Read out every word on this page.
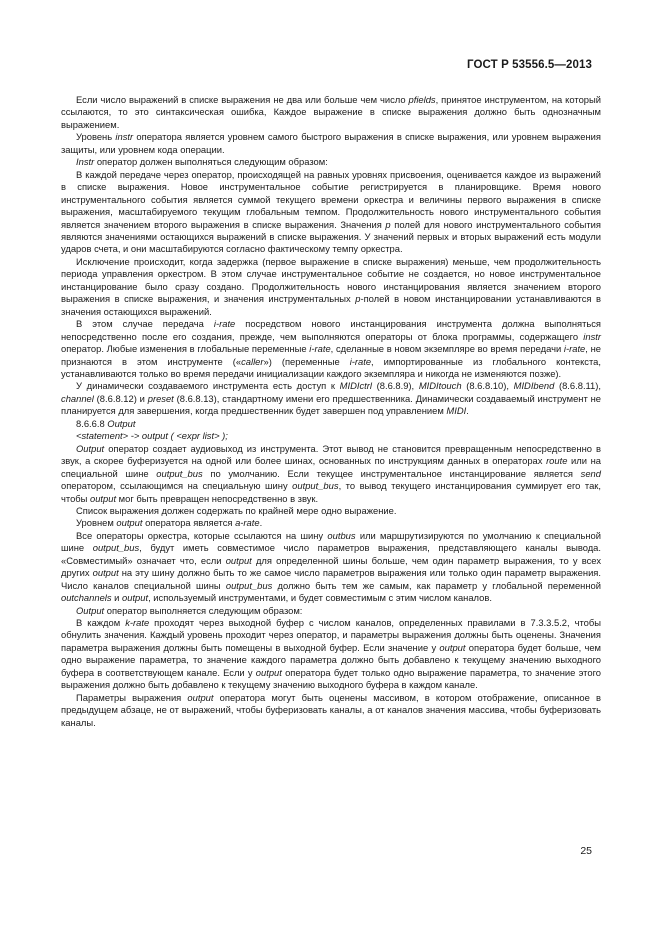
ГОСТ Р 53556.5—2013

Если число выражений в списке выражения не два или больше чем число pfields, принятое инструментом, на который ссылаются, то это синтаксическая ошибка, Каждое выражение в списке выражения должно быть однозначным выражением.

Уровень instr оператора является уровнем самого быстрого выражения в списке выражения, или уровнем выражения защиты, или уровнем кода операции.

Instr оператор должен выполняться следующим образом:

В каждой передаче через оператор, происходящей на равных уровнях присвоения, оценивается каждое из выражений в списке выражения. Новое инструментальное событие регистрируется в планировщике. Время нового инструментального события является суммой текущего времени оркестра и величины первого выражения в списке выражения, масштабируемого текущим глобальным темпом. Продолжительность нового инструментального события является значением второго выражения в списке выражения. Значения p полей для нового инструментального события являются значениями остающихся выражений в списке выражения. У значений первых и вторых выражений есть модули ударов счета, и они масштабируются согласно фактическому темпу оркестра.

Исключение происходит, когда задержка (первое выражение в списке выражения) меньше, чем продолжительность периода управления оркестром. В этом случае инструментальное событие не создается, но новое инструментальное инстанцирование было сразу создано. Продолжительность нового инстанцирования является значением второго выражения в списке выражения, и значения инструментальных p-полей в новом инстанцировании устанавливаются в значения остающихся выражений.

В этом случае передача i-rate посредством нового инстанцирования инструмента должна выполняться непосредственно после его создания, прежде, чем выполняются операторы от блока программы, содержащего instr оператор. Любые изменения в глобальные переменные i-rate, сделанные в новом экземпляре во время передачи i-rate, не признаются в этом инструменте («caller») (переменные i-rate, импортированные из глобального контекста, устанавливаются только во время передачи инициализации каждого экземпляра и никогда не изменяются позже).

У динамически создаваемого инструмента есть доступ к MIDIctrl (8.6.8.9), MIDItouch (8.6.8.10), MIDIbend (8.6.8.11), channel (8.6.8.12) и preset (8.6.8.13), стандартному имени его предшественника. Динамически создаваемый инструмент не планируется для завершения, когда предшественник будет завершен под управлением MIDI.

8.6.6.8 Output

<statement> -> output ( <expr list> );

Output оператор создает аудиовыход из инструмента. Этот вывод не становится превращенным непосредственно в звук, а скорее буферизуется на одной или более шинах, основанных по инструкциям данных в операторах route или на специальной шине output_bus по умолчанию. Если текущее инструментальное инстанцирование является send оператором, ссылающимся на специальную шину output_bus, то вывод текущего инстанцирования суммирует его так, чтобы output мог быть превращен непосредственно в звук.

Список выражения должен содержать по крайней мере одно выражение.

Уровнем output оператора является a-rate.

Все операторы оркестра, которые ссылаются на шину outbus или маршрутизируются по умолчанию к специальной шине output_bus, будут иметь совместимое число параметров выражения, представляющего каналы вывода. «Совместимый» означает что, если output для определенной шины больше, чем один параметр выражения, то у всех других output на эту шину должно быть то же самое число параметров выражения или только один параметр выражения. Число каналов специальной шины output_bus должно быть тем же самым, как параметр у глобальной переменной outchannels и output, используемый инструментами, и будет совместимым с этим числом каналов.

Output оператор выполняется следующим образом:

В каждом k-rate проходят через выходной буфер с числом каналов, определенных правилами в 7.3.3.5.2, чтобы обнулить значения. Каждый уровень проходит через оператор, и параметры выражения должны быть оценены. Значения параметра выражения должны быть помещены в выходной буфер. Если значение у output оператора будет больше, чем одно выражение параметра, то значение каждого параметра должно быть добавлено к текущему значению выходного буфера в соответствующем канале. Если у output оператора будет только одно выражение параметра, то значение этого выражения должно быть добавлено к текущему значению выходного буфера в каждом канале.

Параметры выражения output оператора могут быть оценены массивом, в котором отображение, описанное в предыдущем абзаце, не от выражений, чтобы буферизовать каналы, а от каналов значения массива, чтобы буферизовать каналы.

25
